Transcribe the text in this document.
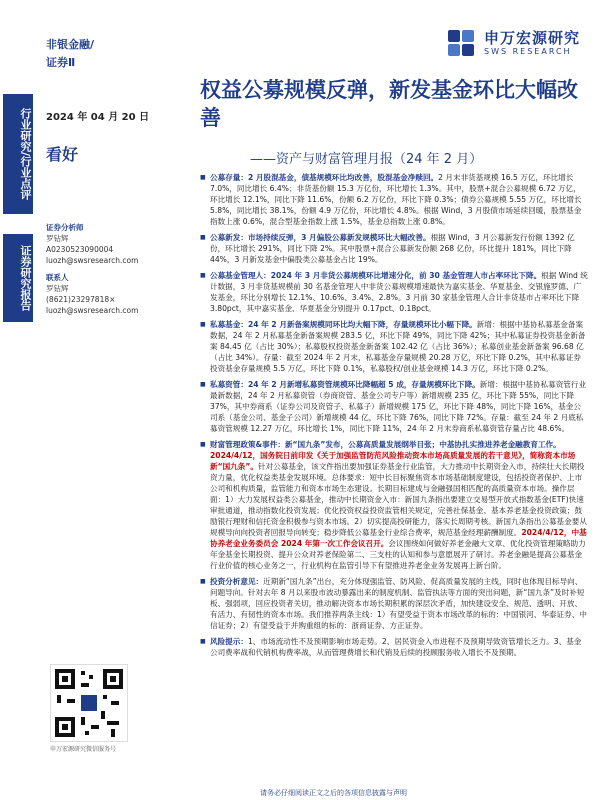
非银金融/
证券Ⅱ
申万宏源研究
SWS RESEARCH
2024 年 04 月 20 日
看好
行业研究/行业点评
证券研究报告
权益公募规模反弹，新发基金环比大幅改善
——资产与财富管理月报（24 年 2 月）
证券分析师
罗钻辉
A0230523090004
luozh@swsresearch.com
联系人
罗钻辉
(8621)23297818×
luozh@swsresearch.com
■ 公募存量：2 月股混基金，债基规模环比均改善，股混基金净赎回。2 月末非货基规模 16.5 万亿，环比增长 7.0%，同比增长 6.4%；非货基份额 15.3 万亿份，环比增长 1.3%。其中，股票+混合公募规模 6.72 万亿，环比增长 12.1%，同比下降 11.6%，份额 6.2 万亿份，环比下降 0.3%；债券公募规模 5.55 万亿，环比增长 5.8%，同比增长 38.1%，份额 4.9 万亿份，环比增长 4.8%。根据 Wind，3 月股债市场延续回暖，股票基金指数上涨 0.6%，混合型基金指数上涨 1.5%，基金总指数上涨 0.8%。
■ 公募新发：市场持续反弹，3 月偏股公募新发规模环比大幅改善。根据 Wind，3 月公募新发行份额 1392 亿份，环比增长 291%，同比下降 2%。其中股票+混合公募新发份额 268 亿份，环比提升 181%，同比下降 44%，3 月新发基金中偏股类公募基金占比 19%。
■ 公募基金管理人：2024 年 3 月非货公募规模环比增速分化，前 30 基金管理人市占率环比下降。根据 Wind 统计数据，3 月非货基规模前 30 名基金管理人中非货公募规模增速最快为嘉实基金、华夏基金、交银施罗德、广发基金，环比分别增长 12.1%、10.6%、3.4%、2.8%。3 月前 30 家基金管理人合计非货基市占率环比下降 3.80pct，其中嘉实基金、华夏基金分别提升 0.17pct、0.18pct。
■ 私募基金：24 年 2 月新备案规模同环比均大幅下降，存量规模环比小幅下降。新增：根据中基协私募基金备案数据，24 年 2 月私募基金新备案规模 283.5 亿，环比下降 49%，同比下降 42%；其中私募证券投资基金新备案 84.45 亿（占比 30%）；私募股权投资基金新备案 102.42 亿（占比 36%）；私募创业基金新备案 96.68 亿（占比 34%）。存量：截至 2024 年 2 月末，私募基金存量规模 20.28 万亿，环比下降 0.2%，其中私募证券投资基金存量规模 5.5 万亿，环比下降 0.1%，私募股权/创业基金规模 14.3 万亿，环比下降 0.2%。
■ 私募资管：24 年 2 月新增私募资管规模环比降幅超 5 成，存量规模环比下降。新增：根据中基协私募资管行业最新数据，24 年 2 月私募资管（券商资管、基金公司专户等）新增规模 235 亿，环比下降 55%，同比下降 37%，其中券商系（证券公司及资管子、私募子）新增规模 175 亿，环比下降 48%，同比下降 16%，基金公司系（基金公司、基金子公司）新增规模 44 亿，环比下降 76%，同比下降 72%。存量：截至 24 年 2 月底私募资管规模 12.27 万亿，环比增长 1%，同比下降 11%，24 年 2 月末券商系私募资管存量占比 48.6%。
■ 财富管理政策&事件：新“国九条”发布，公募高质量发展纲举目张；中基协扎实推进养老金融教育工作。2024/4/12，国务院日前印发《关于加强监管防范风险推动资本市场高质量发展的若干意见》，简称资本市场新“国九条”。针对公募基金，该文件指出要加强证券基金行业监管，大力推动中长期资金入市，持续壮大长期投资力量，优化权益类基金发展环境。总体要求：短中长目标聚焦资本市场基础制度建设，包括投资者保护、上市公司和机构质量，监管能力和资本市场生态建设。长期目标建成与金融强国相匹配的高质量资本市场。操作层面：1）大力发展权益类公募基金，推动中长期资金入市：新国九条指出要建立交易型开放式指数基金(ETF)快速审批通道，推动指数化投资发展；优化投资权益投资监管相关规定，完善社保基金、基本养老基金投资政策；鼓励银行理财和信托资金积极参与资本市场。2）切实提高投研能力，落实长周期考核。新国九条指出公募基金要从规模导向向投资者回报导向转变；稳步降低公募基金行业综合费率，规范基金经理薪酬制度。2024/4/12，中基协养老金业务委员会 2024 年第一次工作会议召开。会议围绕如何做好养老金融大文章、优化投资管理策略助力年金基金长期投资、提升公众对养老保险第二、三支柱的认知和参与意愿展开了研讨。养老金融是提高公募基金行业价值的核心业务之一，行业机构在监管引导下有望推进养老金业务发展再上新台阶。
■ 投资分析意见：近期新“国九条”出台，充分体现强监管、防风险、促高质量发展的主线，同时也体现目标导向、问题导向。针对去年 8 月以来股市波动暴露出来的制度机制、监管执法等方面的突出问题，新“国九条”及时补短板、强弱项，回应投资者关切，推动解决资本市场长期积累的深层次矛盾，加快建设安全、规范、透明、开放、有活力、有韧性的资本市场。我们推荐两条主线：1）有望受益于资本市场改革的标的：中国银河、华泰证券、中信证券；2）有望受益于并购重组的标的：浙商证券、方正证券。
■ 风险提示：1、市场流动性不及预期影响市场走势。2、居民资金入市进程不及预期导致资管增长乏力。3、基金公司费率战和代销机构费率战，从而管理费增长和代销及后续的投顾服务收入增长不及预期。
申万宏源研究微信服务号
请务必仔细阅读正文之后的各项信息披露与声明
